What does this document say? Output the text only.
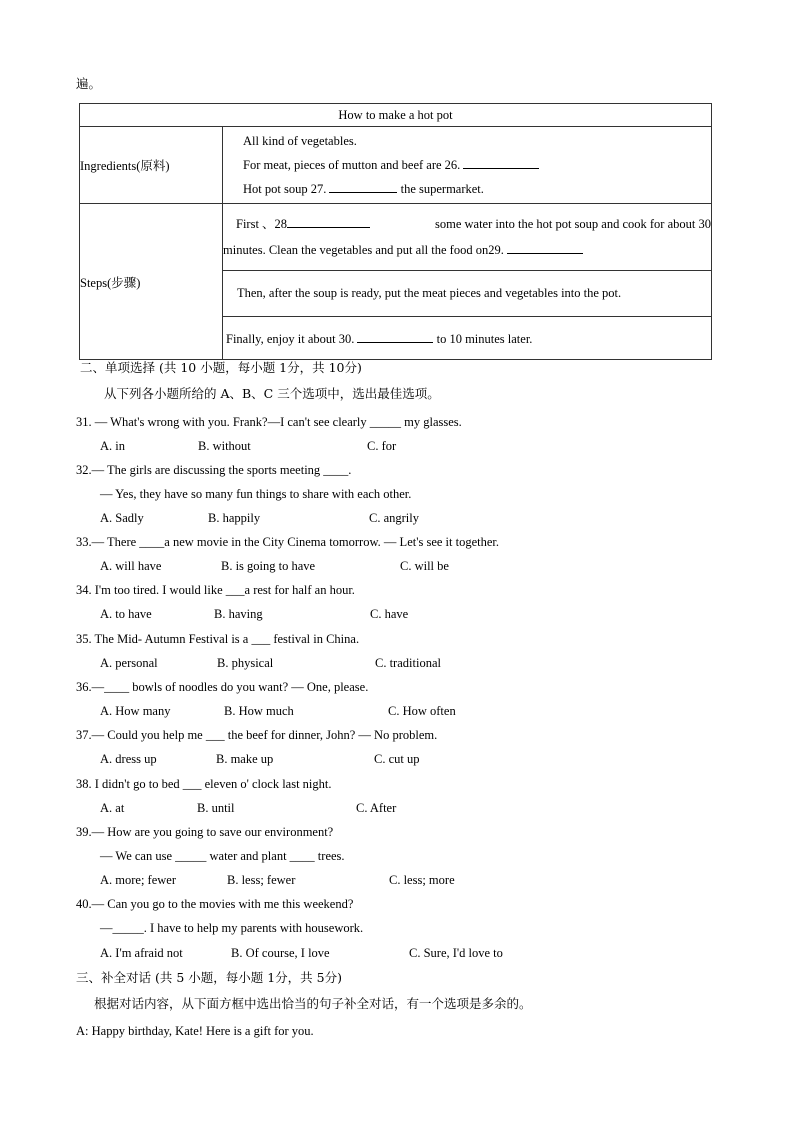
遍。
How to make a hot pot	
Ingredients(原料)	All kind of vegetables.
For meat, pieces of mutton and beef are 26.
Hot pot soup 27. the supermarket.

Steps(步骤)	First 、28 some water into the hot pot soup and cook for about 30
minutes. Clean the vegetables and put all the food on29.

	Then, after the soup is ready, put the meat pieces and vegetables into the pot.
	Finally, enjoy it about 30. to 10 minutes later.
二、单项选择 (共 10 小题，每小题 1分，共 10分)
从下列各小题所给的 A、B、C 三个选项中，选出最佳选项。
31. — What's wrong with you. Frank?—I can't see clearly _____ my glasses.
A. in	B. without	C. for
32.— The girls are discussing the sports meeting ____.
— Yes, they have so many fun things to share with each other.
A. Sadly	B. happily	C. angrily
33.— There ____a new movie in the City Cinema tomorrow. — Let's see it together.
A. will have	B. is going to have	C. will be
34. I'm too tired. I would like ___a rest for half an hour.
A. to have	B. having	C. have
35. The Mid- Autumn Festival is a ___ festival in China.
A. personal	B. physical	C. traditional
36.—____ bowls of noodles do you want? — One, please.
A. How many	B. How much	C. How often
37.— Could you help me ___ the beef for dinner, John? — No problem.
A. dress up	B. make up	C. cut up
38. I didn't go to bed ___ eleven o' clock last night.
A. at	B. until	C. After
39.— How are you going to save our environment?
— We can use _____ water and plant ____ trees.
A. more; fewer	B. less; fewer	C. less; more
40.— Can you go to the movies with me this weekend?
—_____. I have to help my parents with housework.
A. I'm afraid not	B. Of course, I love	C. Sure, I'd love to
三、补全对话 (共 5 小题，每小题 1分，共 5分)
根据对话内容，从下面方框中选出恰当的句子补全对话，有一个选项是多余的。
A: Happy birthday, Kate! Here is a gift for you.
